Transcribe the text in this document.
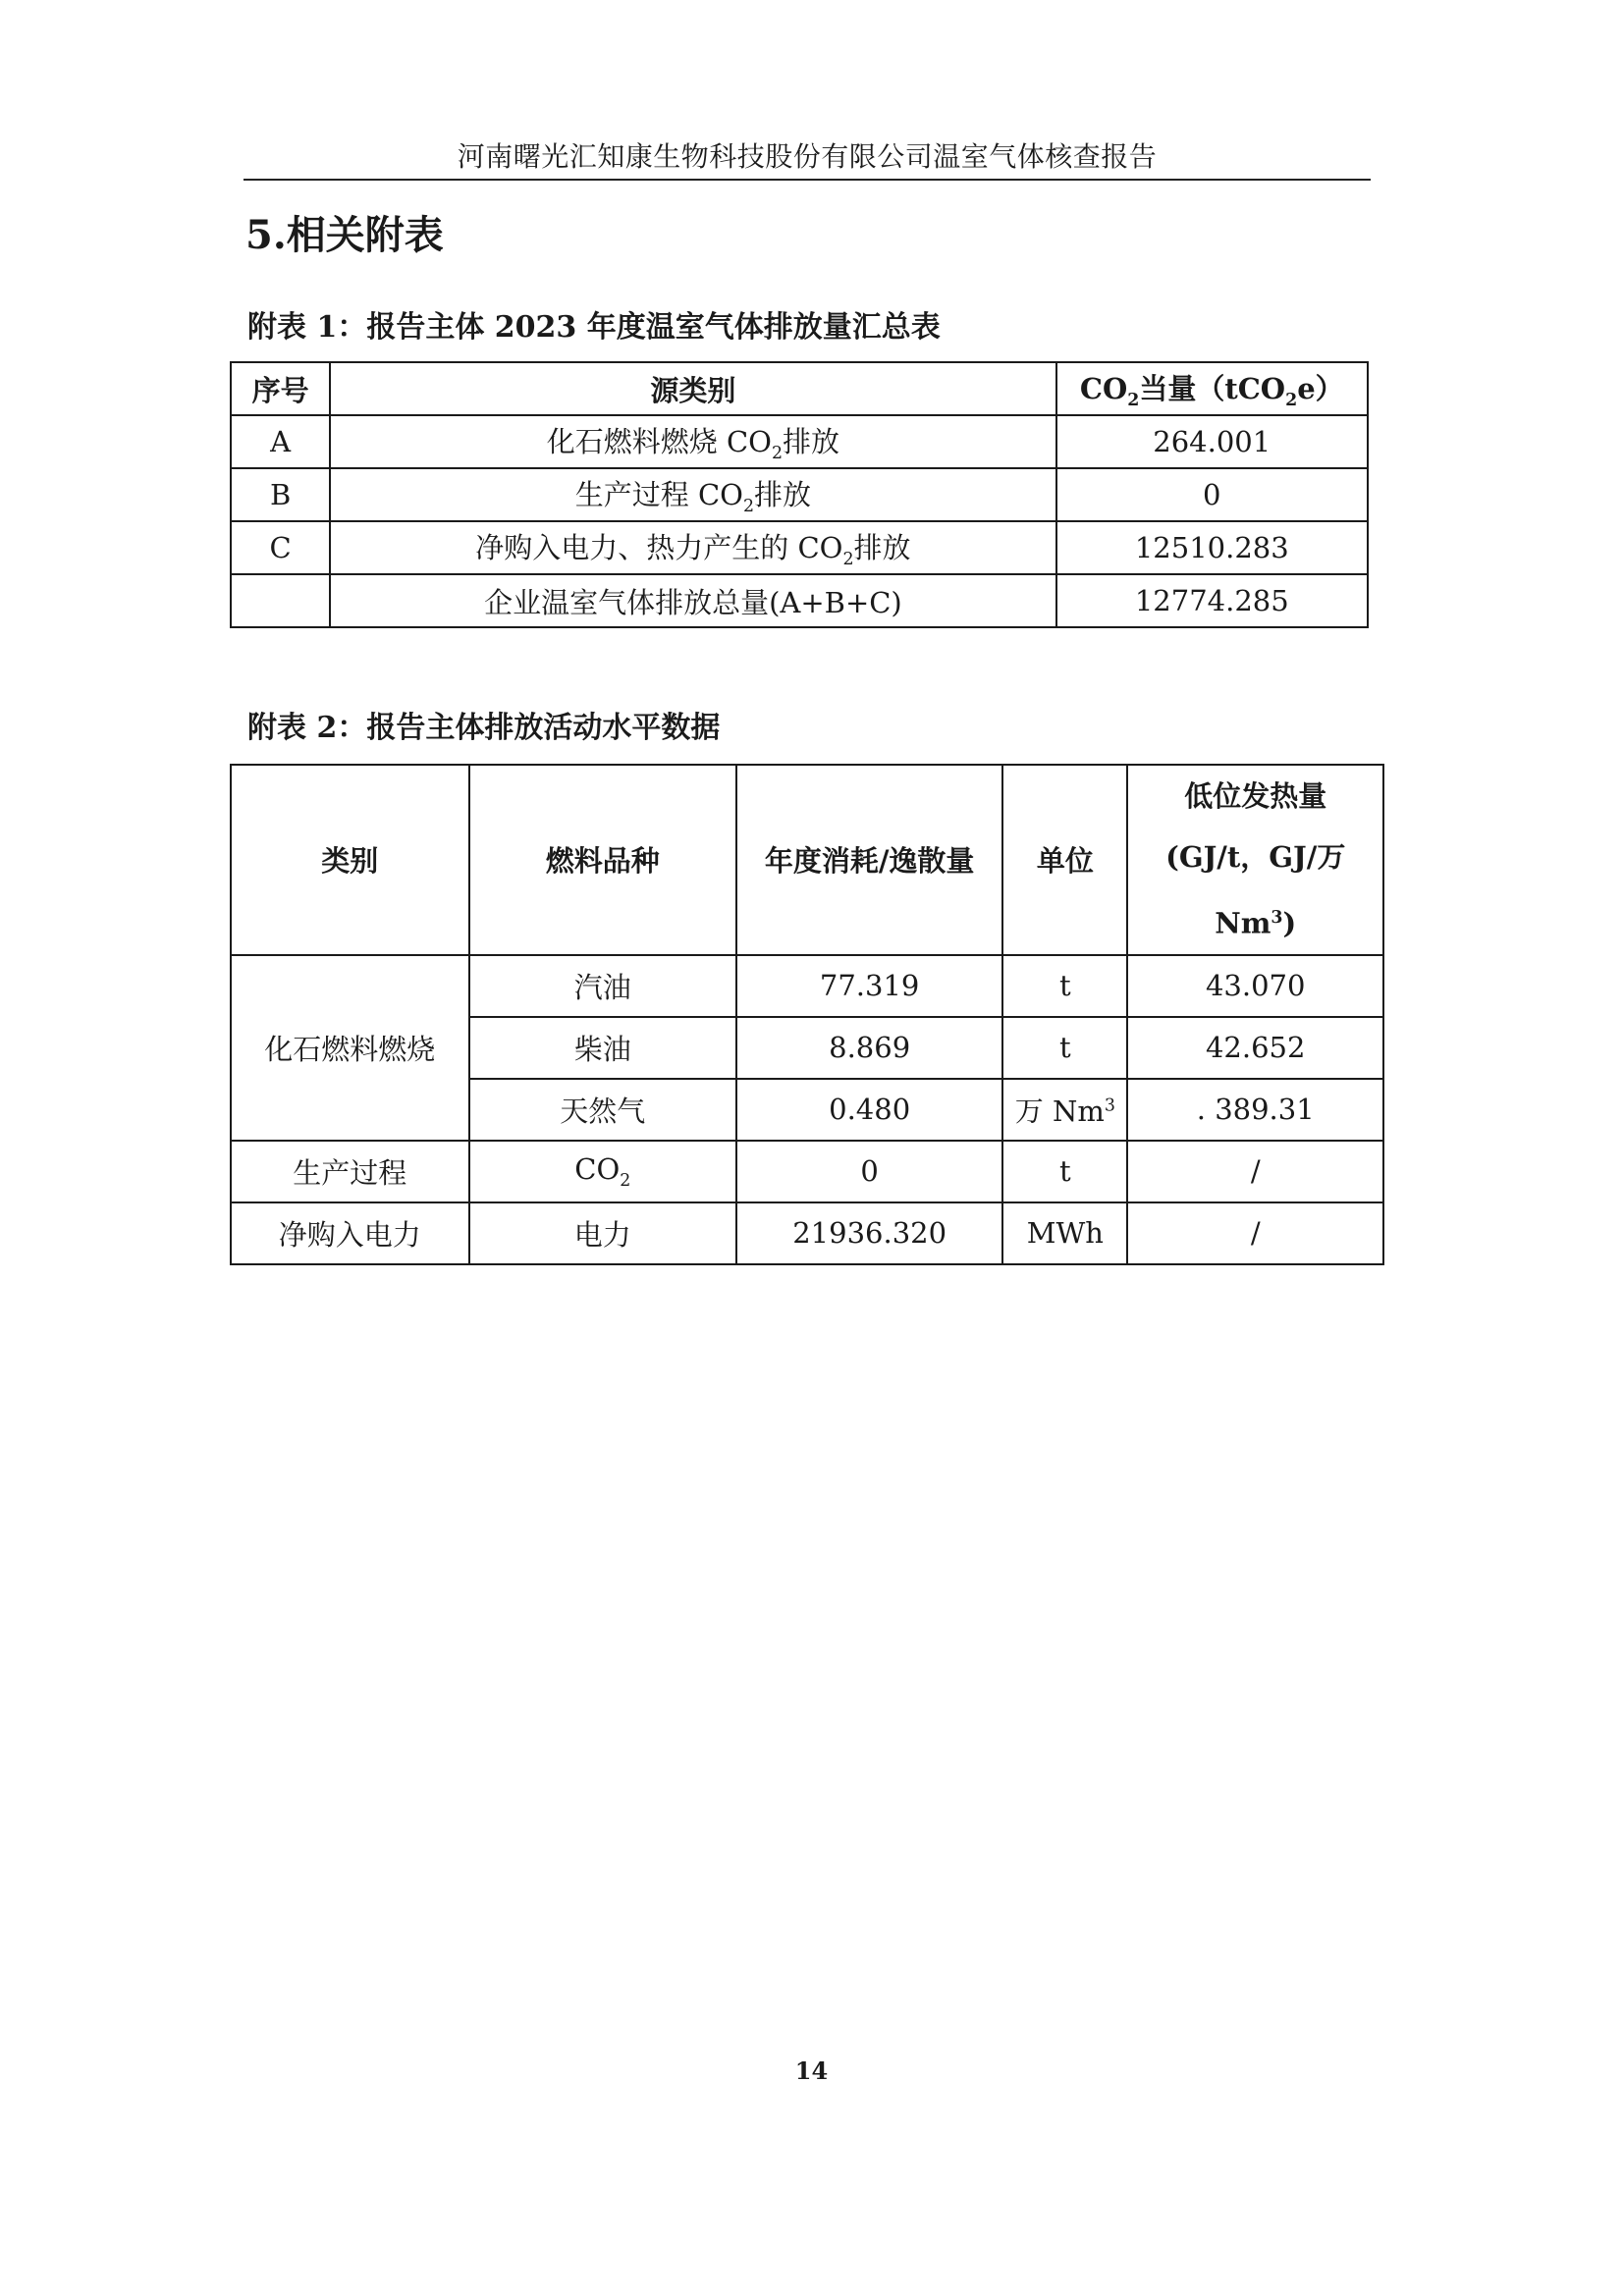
河南曙光汇知康生物科技股份有限公司温室气体核查报告
5.相关附表
附表 1：报告主体 2023 年度温室气体排放量汇总表
序号	源类别	$CO_2$当量（tCO$_2$e）
A	化石燃料燃烧 $CO_2$排放	264.001
B	生产过程 $CO_2$排放	0
C	净购入电力、热力产生的 $CO_2$排放	12510.283
	企业温室气体排放总量(A+B+C)	12774.285
附表 2：报告主体排放活动水平数据
类别	燃料品种	年度消耗/逸散量	单位	低位发热量
(GJ/t，GJ/万
Nm$^3$)

化石燃料燃烧	汽油	77.319	t	43.070
	柴油	8.869	t	42.652
	天然气	0.480	万 Nm$^3$	. 389.31
生产过程	$CO_2$	0	t	/
净购入电力	电力	21936.320	MWh	/
14
